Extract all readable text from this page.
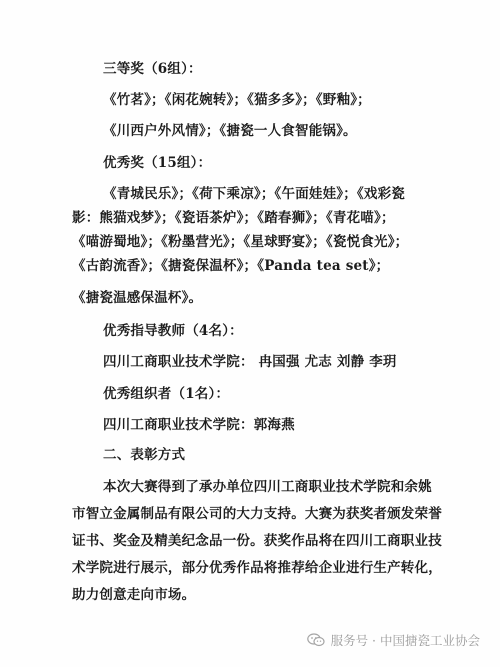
三等奖（6组）：
《竹茗》；《闲花婉转》；《猫多多》；《野釉》；
《川西户外风情》；《搪瓷一人食智能锅》。
优秀奖（15组）：
《青城民乐》；《荷下乘凉》；《午面娃娃》；《戏彩瓷
影：熊猫戏梦》；《瓷语茶炉》；《踏春狮》；《青花喵》；
《喵游蜀地》；《粉墨营光》；《星球野宴》；《瓷悦食光》；
《古韵流香》；《搪瓷保温杯》；《Panda tea set》；
《搪瓷温感保温杯》。
优秀指导教师（4名）：
四川工商职业技术学院： 冉国强 尤志 刘静 李玥
优秀组织者（1名）：
四川工商职业技术学院：郭海燕
二、表彰方式
本次大赛得到了承办单位四川工商职业技术学院和余姚
市智立金属制品有限公司的大力支持。大赛为获奖者颁发荣誉
证书、奖金及精美纪念品一份。获奖作品将在四川工商职业技
术学院进行展示，部分优秀作品将推荐给企业进行生产转化，
助力创意走向市场。
服务号 · 中国搪瓷工业协会
